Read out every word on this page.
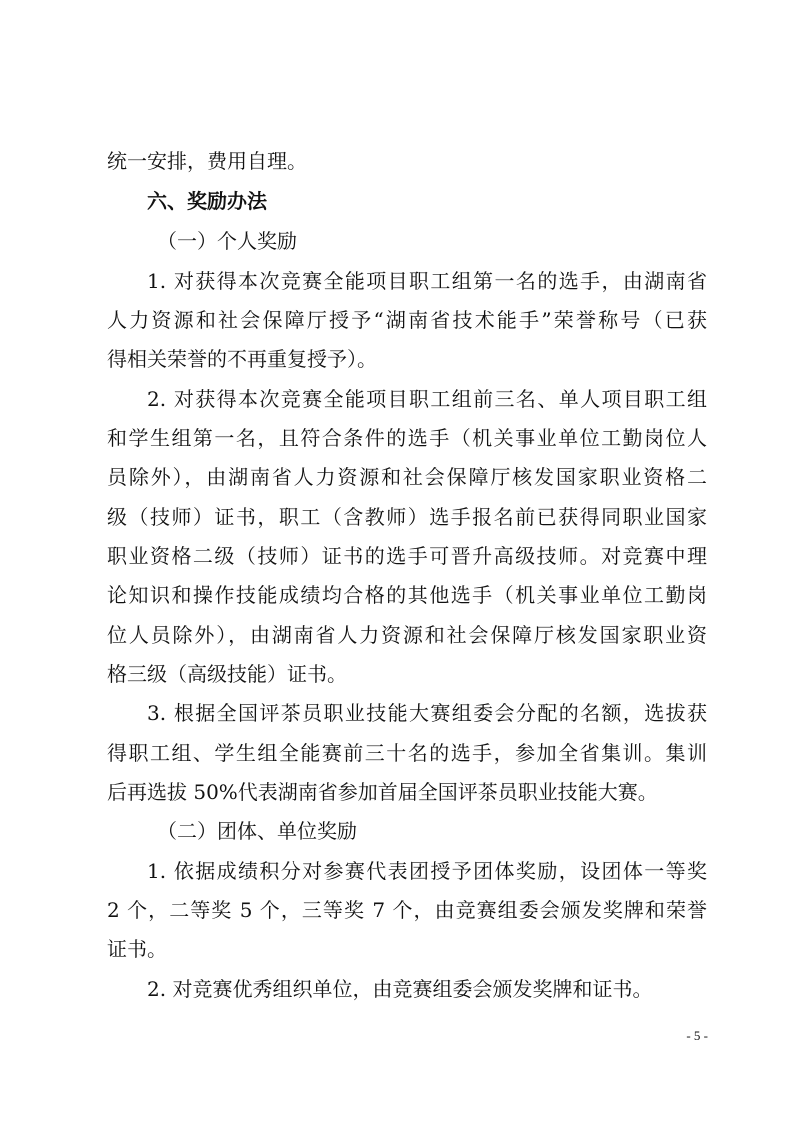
统一安排，费用自理。
六、奖励办法
（一）个人奖励
1. 对获得本次竞赛全能项目职工组第一名的选手，由湖南省
人力资源和社会保障厅授予“湖南省技术能手”荣誉称号（已获
得相关荣誉的不再重复授予）。
2. 对获得本次竞赛全能项目职工组前三名、单人项目职工组
和学生组第一名，且符合条件的选手（机关事业单位工勤岗位人
员除外），由湖南省人力资源和社会保障厅核发国家职业资格二
级（技师）证书，职工（含教师）选手报名前已获得同职业国家
职业资格二级（技师）证书的选手可晋升高级技师。对竞赛中理
论知识和操作技能成绩均合格的其他选手（机关事业单位工勤岗
位人员除外），由湖南省人力资源和社会保障厅核发国家职业资
格三级（高级技能）证书。
3. 根据全国评茶员职业技能大赛组委会分配的名额，选拔获
得职工组、学生组全能赛前三十名的选手，参加全省集训。集训
后再选拔 50%代表湖南省参加首届全国评茶员职业技能大赛。
（二）团体、单位奖励
1. 依据成绩积分对参赛代表团授予团体奖励，设团体一等奖
2 个，二等奖 5 个，三等奖 7 个，由竞赛组委会颁发奖牌和荣誉
证书。
2. 对竞赛优秀组织单位，由竞赛组委会颁发奖牌和证书。
- 5 -
